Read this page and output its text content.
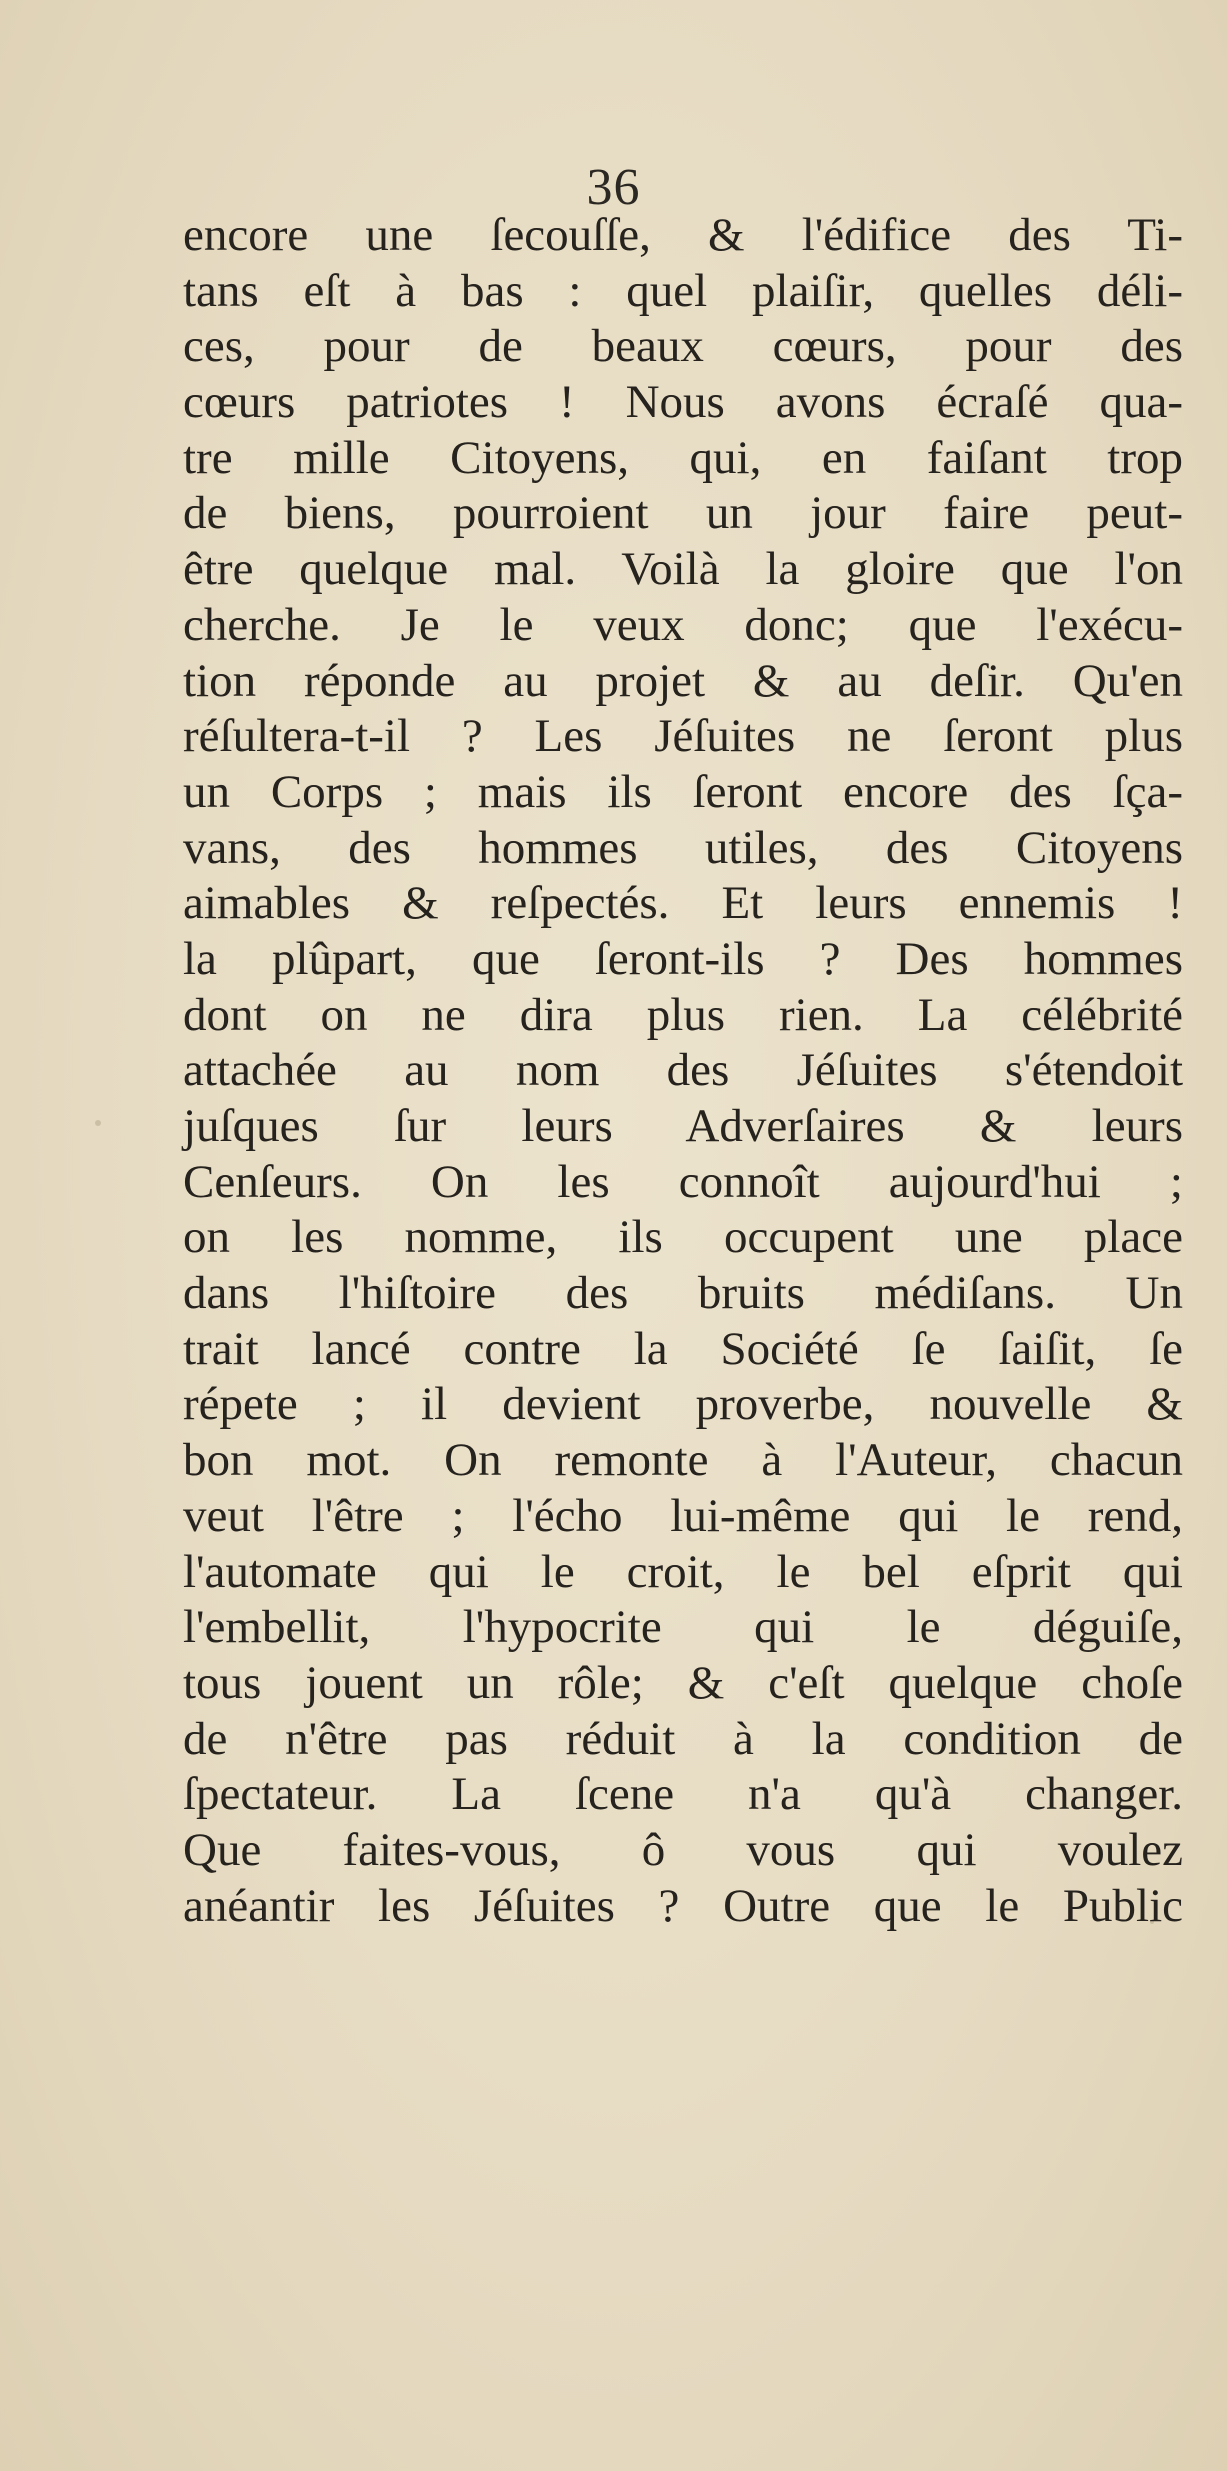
36
encore une ſecouſſe, & l'édifice des Ti-
tans eſt à bas : quel plaiſir, quelles déli-
ces, pour de beaux cœurs, pour des
cœurs patriotes ! Nous avons écraſé qua-
tre mille Citoyens, qui, en faiſant trop
de biens, pourroient un jour faire peut-
être quelque mal. Voilà la gloire que l'on
cherche. Je le veux donc; que l'exécu-
tion réponde au projet & au deſir. Qu'en
réſultera-t-il ? Les Jéſuites ne ſeront plus
un Corps ; mais ils ſeront encore des ſça-
vans, des hommes utiles, des Citoyens
aimables & reſpectés. Et leurs ennemis !
la plûpart, que ſeront-ils ? Des hommes
dont on ne dira plus rien. La célébrité
attachée au nom des Jéſuites s'étendoit
juſques ſur leurs Adverſaires & leurs
Cenſeurs. On les connoît aujourd'hui ;
on les nomme, ils occupent une place
dans l'hiſtoire des bruits médiſans. Un
trait lancé contre la Société ſe ſaiſit, ſe
répete ; il devient proverbe, nouvelle &
bon mot. On remonte à l'Auteur, chacun
veut l'être ; l'écho lui-même qui le rend,
l'automate qui le croit, le bel eſprit qui
l'embellit, l'hypocrite qui le déguiſe,
tous jouent un rôle; & c'eſt quelque choſe
de n'être pas réduit à la condition de
ſpectateur. La ſcene n'a qu'à changer.
Que faites-vous, ô vous qui voulez
anéantir les Jéſuites ? Outre que le Public
